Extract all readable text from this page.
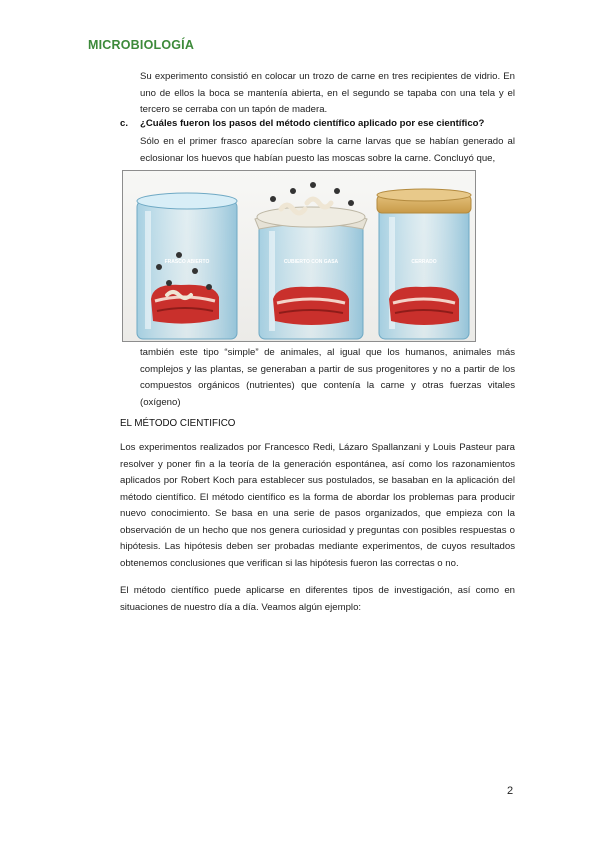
MICROBIOLOGÍA

Su experimento consistió en colocar un trozo de carne en tres recipientes de vidrio. En uno de ellos la boca se mantenía abierta, en el segundo se tapaba con una tela y el tercero se cerraba con un tapón de madera.

c. ¿Cuáles fueron los pasos del método científico aplicado por ese científico?

Sólo en el primer frasco aparecían sobre la carne larvas que se habían generado al eclosionar los huevos que habían puesto las moscas sobre la carne. Concluyó que,

FRASCO ABIERTO	CUBIERTO CON GASA	CERRADO

también este tipo “simple” de animales, al igual que los humanos, animales más complejos y las plantas, se generaban a partir de sus progenitores y no a partir de los compuestos orgánicos (nutrientes) que contenía la carne y otras fuerzas vitales (oxígeno)

EL MÉTODO CIENTIFICO

Los experimentos realizados por Francesco Redi, Lázaro Spallanzani y Louis Pasteur para resolver y poner fin a la teoría de la generación espontánea, así como los razonamientos aplicados por Robert Koch para establecer sus postulados, se basaban en la aplicación del método científico. El método científico es la forma de abordar los problemas para producir nuevo conocimiento. Se basa en una serie de pasos organizados, que empieza con la observación de un hecho que nos genera curiosidad y preguntas con posibles respuestas o hipótesis. Las hipótesis deben ser probadas mediante experimentos, de cuyos resultados obtenemos conclusiones que verifican si las hipótesis fueron las correctas o no.

El método científico puede aplicarse en diferentes tipos de investigación, así como en situaciones de nuestro día a día. Veamos algún ejemplo:

2
